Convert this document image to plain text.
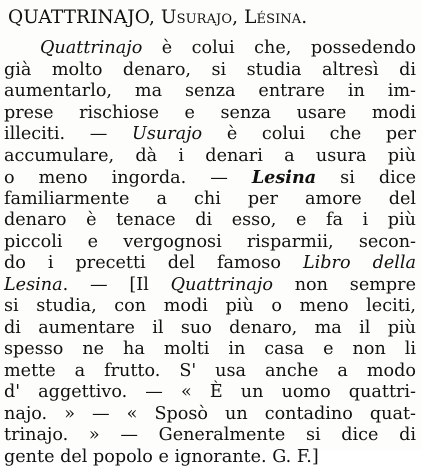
QUATTRINAJO, Usurajo, Lésina.
Quattrinajo è colui che, possedendo
già molto denaro, si studia altresì di
aumentarlo, ma senza entrare in im-
prese rischiose e senza usare modi
illeciti. — Usurajo è colui che per
accumulare, dà i denari a usura più
o meno ingorda. — Lesina si dice
familiarmente a chi per amore del
denaro è tenace di esso, e fa i più
piccoli e vergognosi risparmii, secon-
do i precetti del famoso Libro della
Lesina. — [Il Quattrinajo non sempre
si studia, con modi più o meno leciti,
di aumentare il suo denaro, ma il più
spesso ne ha molti in casa e non li
mette a frutto. S' usa anche a modo
d' aggettivo. — « È un uomo quattri-
najo. » — « Sposò un contadino quat-
trinajo. » — Generalmente si dice di
gente del popolo e ignorante. G. F.]
